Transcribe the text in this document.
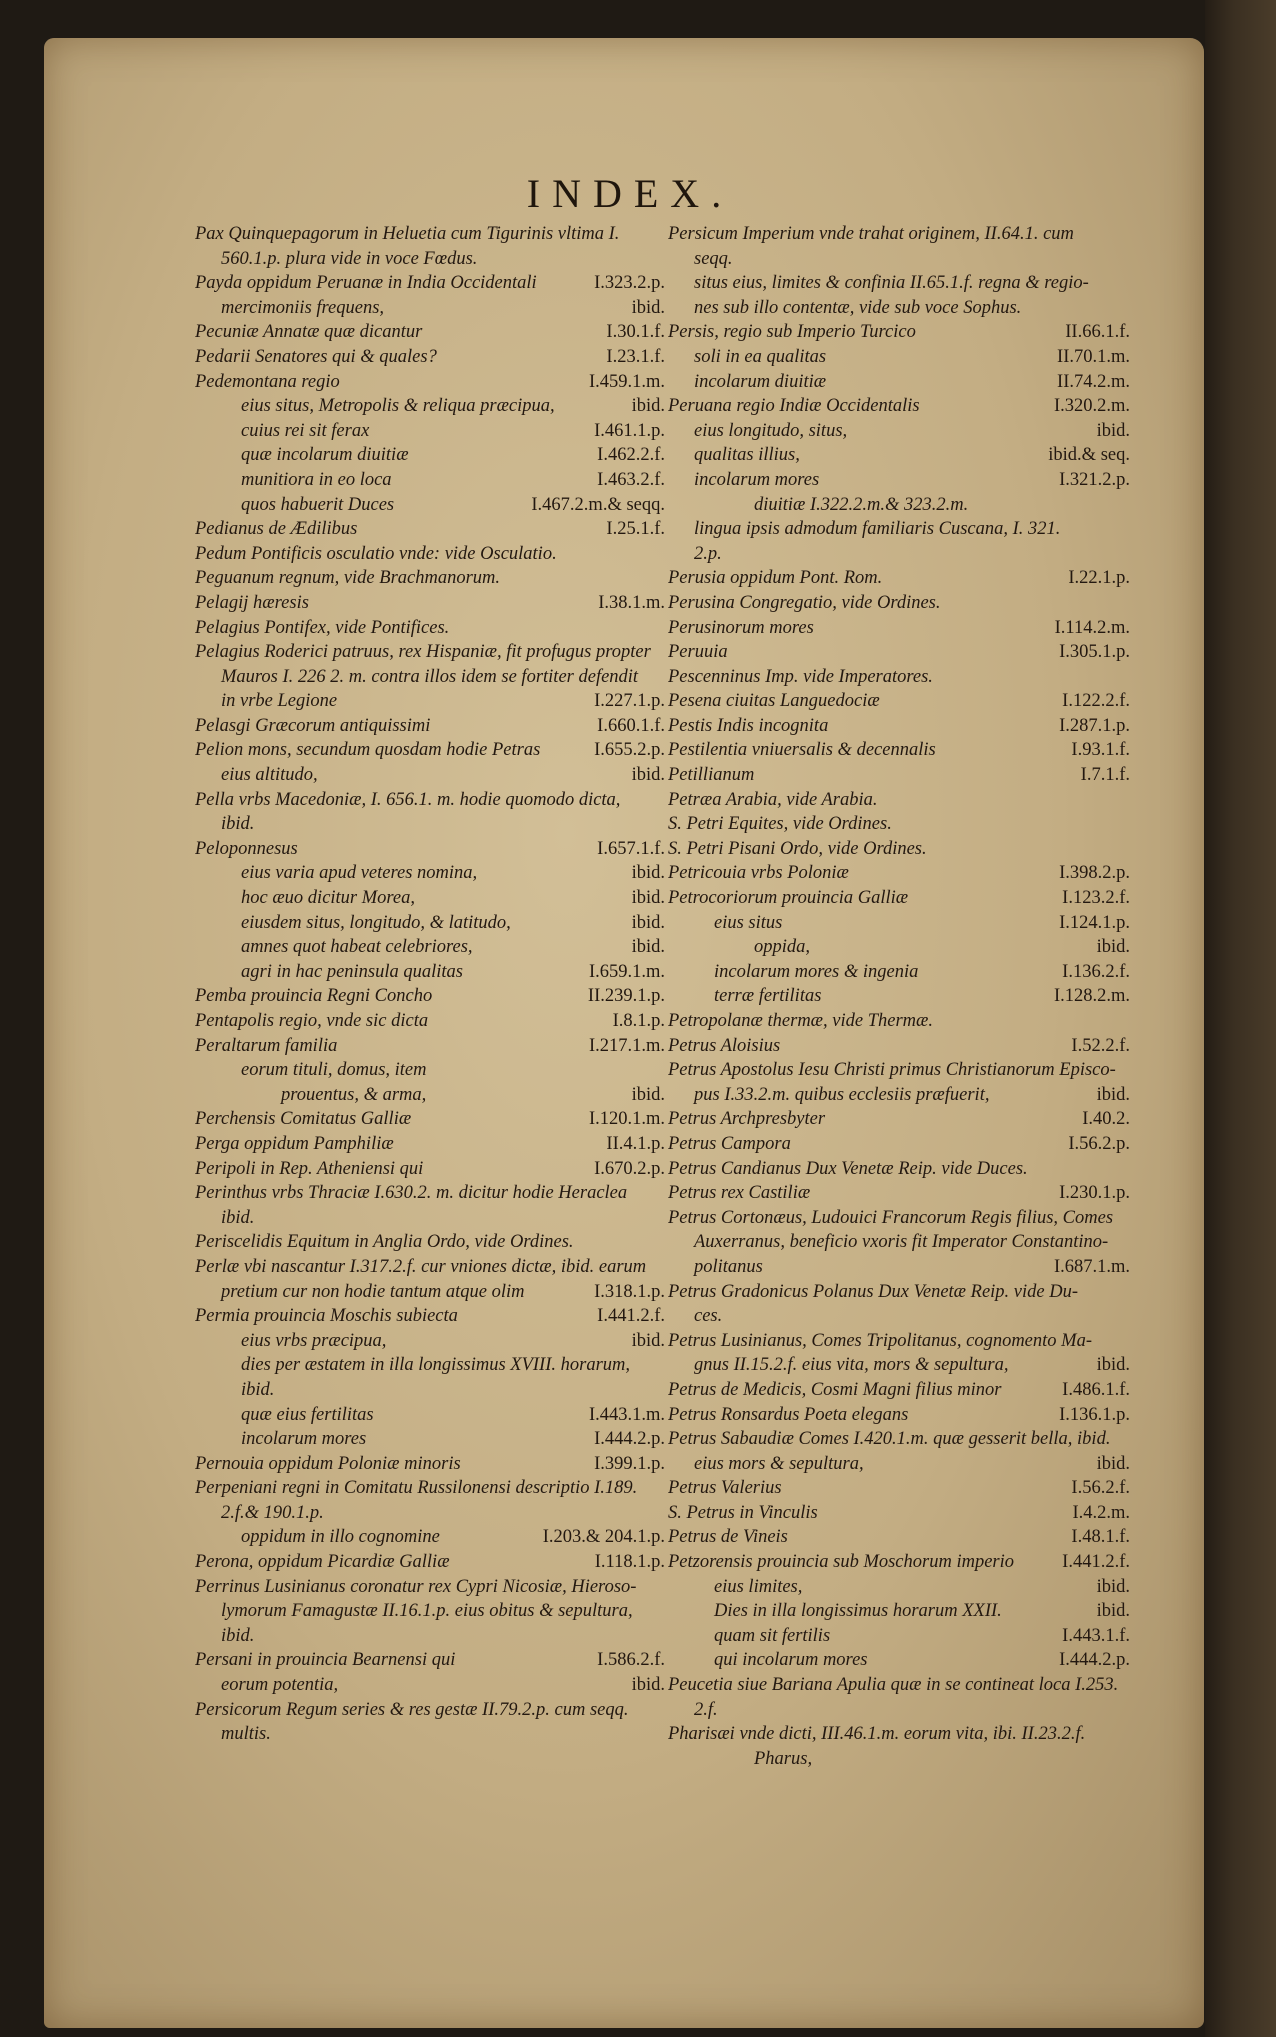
INDEX.
Pax Quinquepagorum in Heluetia cum Tigurinis vltima I.
560.1.p. plura vide in voce Fœdus.
Payda oppidum Peruanæ in India Occidentali	I.323.2.p.
mercimoniis frequens,	ibid.
Pecuniæ Annatæ quæ dicantur	I.30.1.f.
Pedarii Senatores qui & quales?	I.23.1.f.
Pedemontana regio	I.459.1.m.
eius situs, Metropolis & reliqua præcipua,	ibid.
cuius rei sit ferax	I.461.1.p.
quæ incolarum diuitiæ	I.462.2.f.
munitiora in eo loca	I.463.2.f.
quos habuerit Duces	I.467.2.m.& seqq.
Pedianus de Ædilibus	I.25.1.f.
Pedum Pontificis osculatio vnde: vide Osculatio.
Peguanum regnum, vide Brachmanorum.
Pelagij hæresis	I.38.1.m.
Pelagius Pontifex, vide Pontifices.
Pelagius Roderici patruus, rex Hispaniæ, fit profugus propter
Mauros I. 226 2. m. contra illos idem se fortiter defendit
in vrbe Legione	I.227.1.p.
Pelasgi Græcorum antiquissimi	I.660.1.f.
Pelion mons, secundum quosdam hodie Petras	I.655.2.p.
eius altitudo,	ibid.
Pella vrbs Macedoniæ, I. 656.1. m. hodie quomodo dicta,
ibid.
Peloponnesus	I.657.1.f.
eius varia apud veteres nomina,	ibid.
hoc æuo dicitur Morea,	ibid.
eiusdem situs, longitudo, & latitudo,	ibid.
amnes quot habeat celebriores,	ibid.
agri in hac peninsula qualitas	I.659.1.m.
Pemba prouincia Regni Concho	II.239.1.p.
Pentapolis regio, vnde sic dicta	I.8.1.p.
Peraltarum familia	I.217.1.m.
eorum tituli, domus, item
prouentus, & arma,	ibid.
Perchensis Comitatus Galliæ	I.120.1.m.
Perga oppidum Pamphiliæ	II.4.1.p.
Peripoli in Rep. Atheniensi qui	I.670.2.p.
Perinthus vrbs Thraciæ I.630.2. m. dicitur hodie Heraclea
ibid.
Periscelidis Equitum in Anglia Ordo, vide Ordines.
Perlæ vbi nascantur I.317.2.f. cur vniones dictæ, ibid. earum
pretium cur non hodie tantum atque olim	I.318.1.p.
Permia prouincia Moschis subiecta	I.441.2.f.
eius vrbs præcipua,	ibid.
dies per æstatem in illa longissimus XVIII. horarum,
ibid.
quæ eius fertilitas	I.443.1.m.
incolarum mores	I.444.2.p.
Pernouia oppidum Poloniæ minoris	I.399.1.p.
Perpeniani regni in Comitatu Russilonensi descriptio I.189.
2.f.& 190.1.p.
oppidum in illo cognomine	I.203.& 204.1.p.
Perona, oppidum Picardiæ Galliæ	I.118.1.p.
Perrinus Lusinianus coronatur rex Cypri Nicosiæ, Hieroso-
lymorum Famagustæ II.16.1.p. eius obitus & sepultura,
ibid.
Persani in prouincia Bearnensi qui	I.586.2.f.
eorum potentia,	ibid.
Persicorum Regum series & res gestæ II.79.2.p. cum seqq.
multis.
Persicum Imperium vnde trahat originem, II.64.1. cum
seqq.
situs eius, limites & confinia II.65.1.f. regna & regio-
nes sub illo contentæ, vide sub voce Sophus.
Persis, regio sub Imperio Turcico	II.66.1.f.
soli in ea qualitas	II.70.1.m.
incolarum diuitiæ	II.74.2.m.
Peruana regio Indiæ Occidentalis	I.320.2.m.
eius longitudo, situs,	ibid.
qualitas illius,	ibid.& seq.
incolarum mores	I.321.2.p.
diuitiæ I.322.2.m.& 323.2.m.
lingua ipsis admodum familiaris Cuscana, I. 321.
2.p.
Perusia oppidum Pont. Rom.	I.22.1.p.
Perusina Congregatio, vide Ordines.
Perusinorum mores	I.114.2.m.
Peruuia	I.305.1.p.
Pescenninus Imp. vide Imperatores.
Pesena ciuitas Languedociæ	I.122.2.f.
Pestis Indis incognita	I.287.1.p.
Pestilentia vniuersalis & decennalis	I.93.1.f.
Petillianum	I.7.1.f.
Petræa Arabia, vide Arabia.
S. Petri Equites, vide Ordines.
S. Petri Pisani Ordo, vide Ordines.
Petricouia vrbs Poloniæ	I.398.2.p.
Petrocoriorum prouincia Galliæ	I.123.2.f.
eius situs	I.124.1.p.
oppida,	ibid.
incolarum mores & ingenia	I.136.2.f.
terræ fertilitas	I.128.2.m.
Petropolanæ thermæ, vide Thermæ.
Petrus Aloisius	I.52.2.f.
Petrus Apostolus Iesu Christi primus Christianorum Episco-
pus I.33.2.m. quibus ecclesiis præfuerit,	ibid.
Petrus Archpresbyter	I.40.2.
Petrus Campora	I.56.2.p.
Petrus Candianus Dux Venetæ Reip. vide Duces.
Petrus rex Castiliæ	I.230.1.p.
Petrus Cortonæus, Ludouici Francorum Regis filius, Comes
Auxerranus, beneficio vxoris fit Imperator Constantino-
politanus	I.687.1.m.
Petrus Gradonicus Polanus Dux Venetæ Reip. vide Du-
ces.
Petrus Lusinianus, Comes Tripolitanus, cognomento Ma-
gnus II.15.2.f. eius vita, mors & sepultura,	ibid.
Petrus de Medicis, Cosmi Magni filius minor	I.486.1.f.
Petrus Ronsardus Poeta elegans	I.136.1.p.
Petrus Sabaudiæ Comes I.420.1.m. quæ gesserit bella, ibid.
eius mors & sepultura,	ibid.
Petrus Valerius	I.56.2.f.
S. Petrus in Vinculis	I.4.2.m.
Petrus de Vineis	I.48.1.f.
Petzorensis prouincia sub Moschorum imperio	I.441.2.f.
eius limites,	ibid.
Dies in illa longissimus horarum XXII.	ibid.
quam sit fertilis	I.443.1.f.
qui incolarum mores	I.444.2.p.
Peucetia siue Bariana Apulia quæ in se contineat loca I.253.
2.f.
Pharisæi vnde dicti, III.46.1.m. eorum vita, ibi. II.23.2.f.
Pharus,
